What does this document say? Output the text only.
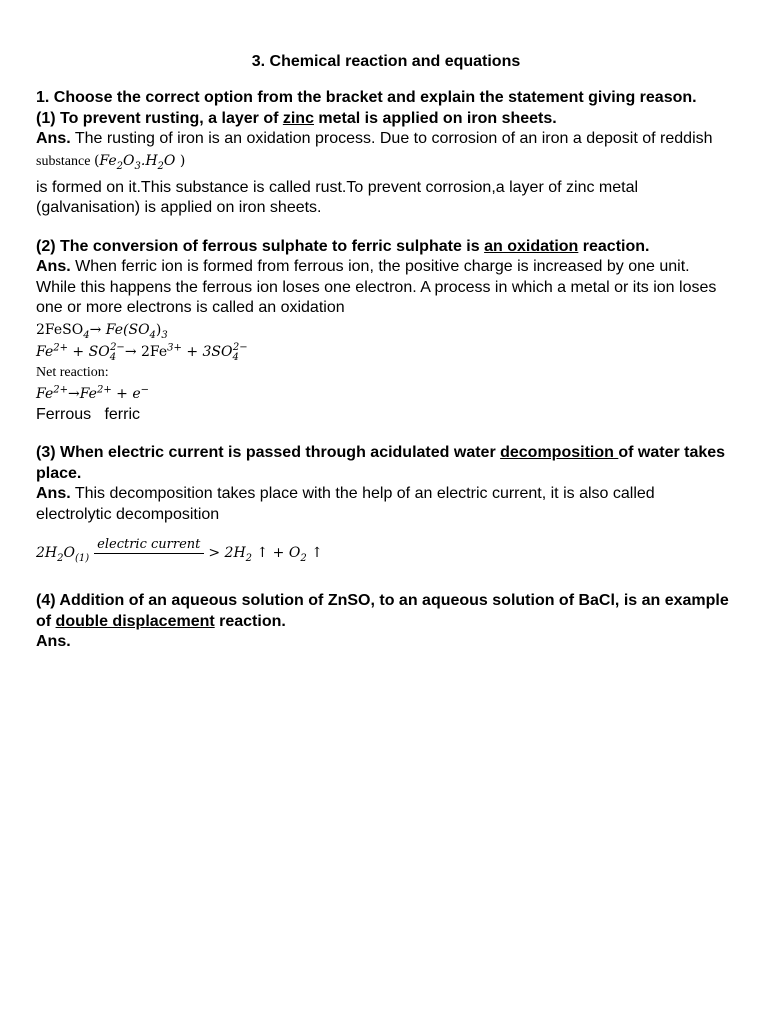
3. Chemical reaction and equations

1. Choose the correct option from the bracket and explain the statement giving reason.

(1) To prevent rusting, a layer of zinc metal is applied on iron sheets.

Ans. The rusting of iron is an oxidation process. Due to corrosion of an iron a deposit of reddish

substance ($Fe_2O_3.H_2O$ )

is formed on it.This substance is called rust.To prevent corrosion,a layer of zinc metal

(galvanisation) is applied on iron sheets.

(2) The conversion of ferrous sulphate to ferric sulphate is an oxidation reaction.

Ans. When ferric ion is formed from ferrous ion, the positive charge is increased by one unit.

While this happens the ferrous ion loses one electron. A process in which a metal or its ion loses

one or more electrons is called an oxidation

2FeSO$_4$→ $Fe(SO_4)_3$
$Fe^{2+} + SO_4^{2-}\to 2Fe^{3+} + 3SO_4^{2-}$

Net reaction:

$Fe^{2+}\to Fe^{2+} + e^-$

Ferrous   ferric

(3) When electric current is passed through acidulated water decomposition of water takes

place.

Ans. This decomposition takes place with the help of an electric current, it is also called

electrolytic decomposition

$2H_2O_{(1)}$
electric current
> $2H_2$ ↑ + $O_2$ ↑

(4) Addition of an aqueous solution of ZnSO, to an aqueous solution of BaCl, is an example

of double displacement reaction.

Ans.
